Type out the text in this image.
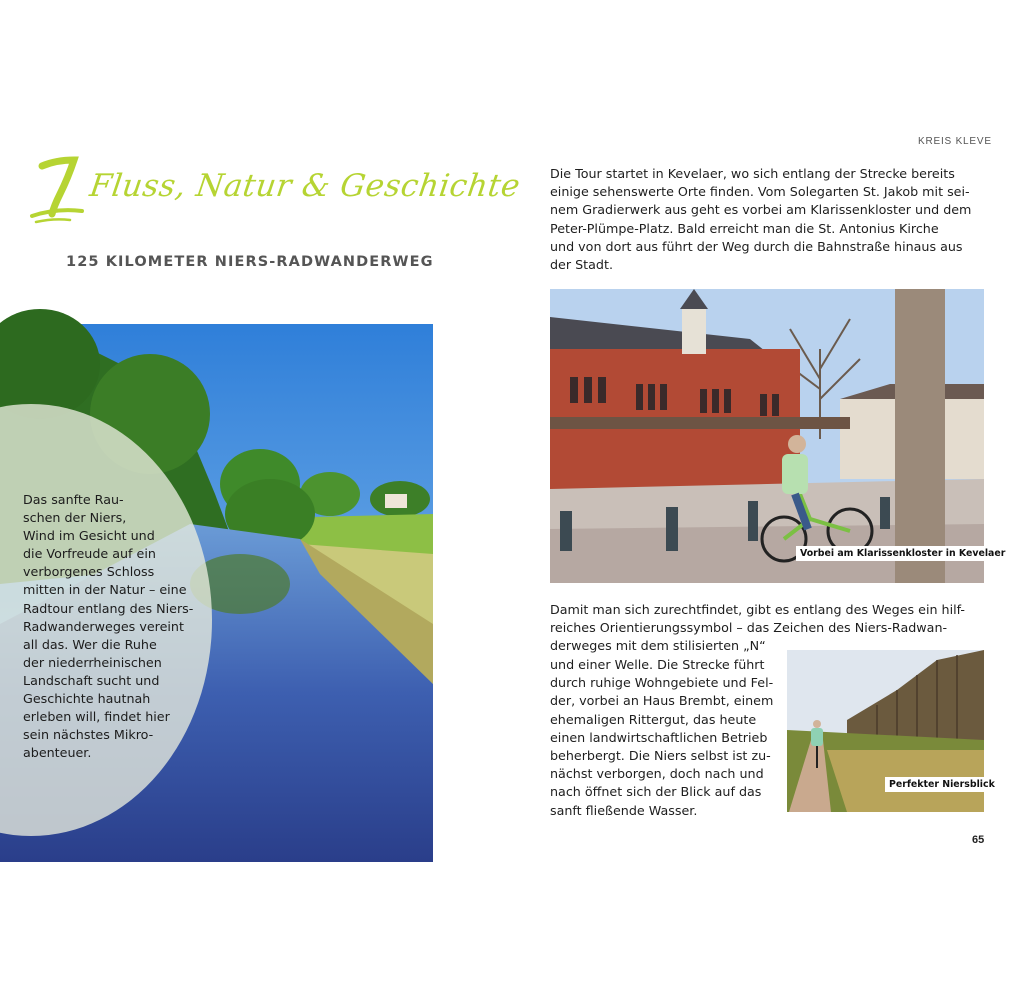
Fluss, Natur & Geschichte
125 KILOMETER NIERS-RADWANDERWEG
Das sanfte Rau-
schen der Niers,
Wind im Gesicht und
die Vorfreude auf ein
verborgenes Schloss
mitten in der Natur – eine
Radtour entlang des Niers-
Radwanderweges vereint
all das. Wer die Ruhe
der niederrheinischen
Landschaft sucht und
Geschichte hautnah
erleben will, findet hier
sein nächstes Mikro-
abenteuer.
KREIS KLEVE
Die Tour startet in Kevelaer, wo sich entlang der Strecke bereits
einige sehenswerte Orte finden. Vom Solegarten St. Jakob mit sei-
nem Gradierwerk aus geht es vorbei am Klarissenkloster und dem
Peter-Plümpe-Platz. Bald erreicht man die St. Antonius Kirche
und von dort aus führt der Weg durch die Bahnstraße hinaus aus
der Stadt.
Vorbei am Klarissenkloster in Kevelaer
Damit man sich zurechtfindet, gibt es entlang des Weges ein hilf-
reiches Orientierungssymbol – das Zeichen des Niers-Radwan-
derweges mit dem stilisierten „N“
und einer Welle. Die Strecke führt
durch ruhige Wohngebiete und Fel-
der, vorbei an Haus Brembt, einem
ehemaligen Rittergut, das heute
einen landwirtschaftlichen Betrieb
beherbergt. Die Niers selbst ist zu-
nächst verborgen, doch nach und
nach öffnet sich der Blick auf das
sanft fließende Wasser.
Perfekter Niersblick
65
